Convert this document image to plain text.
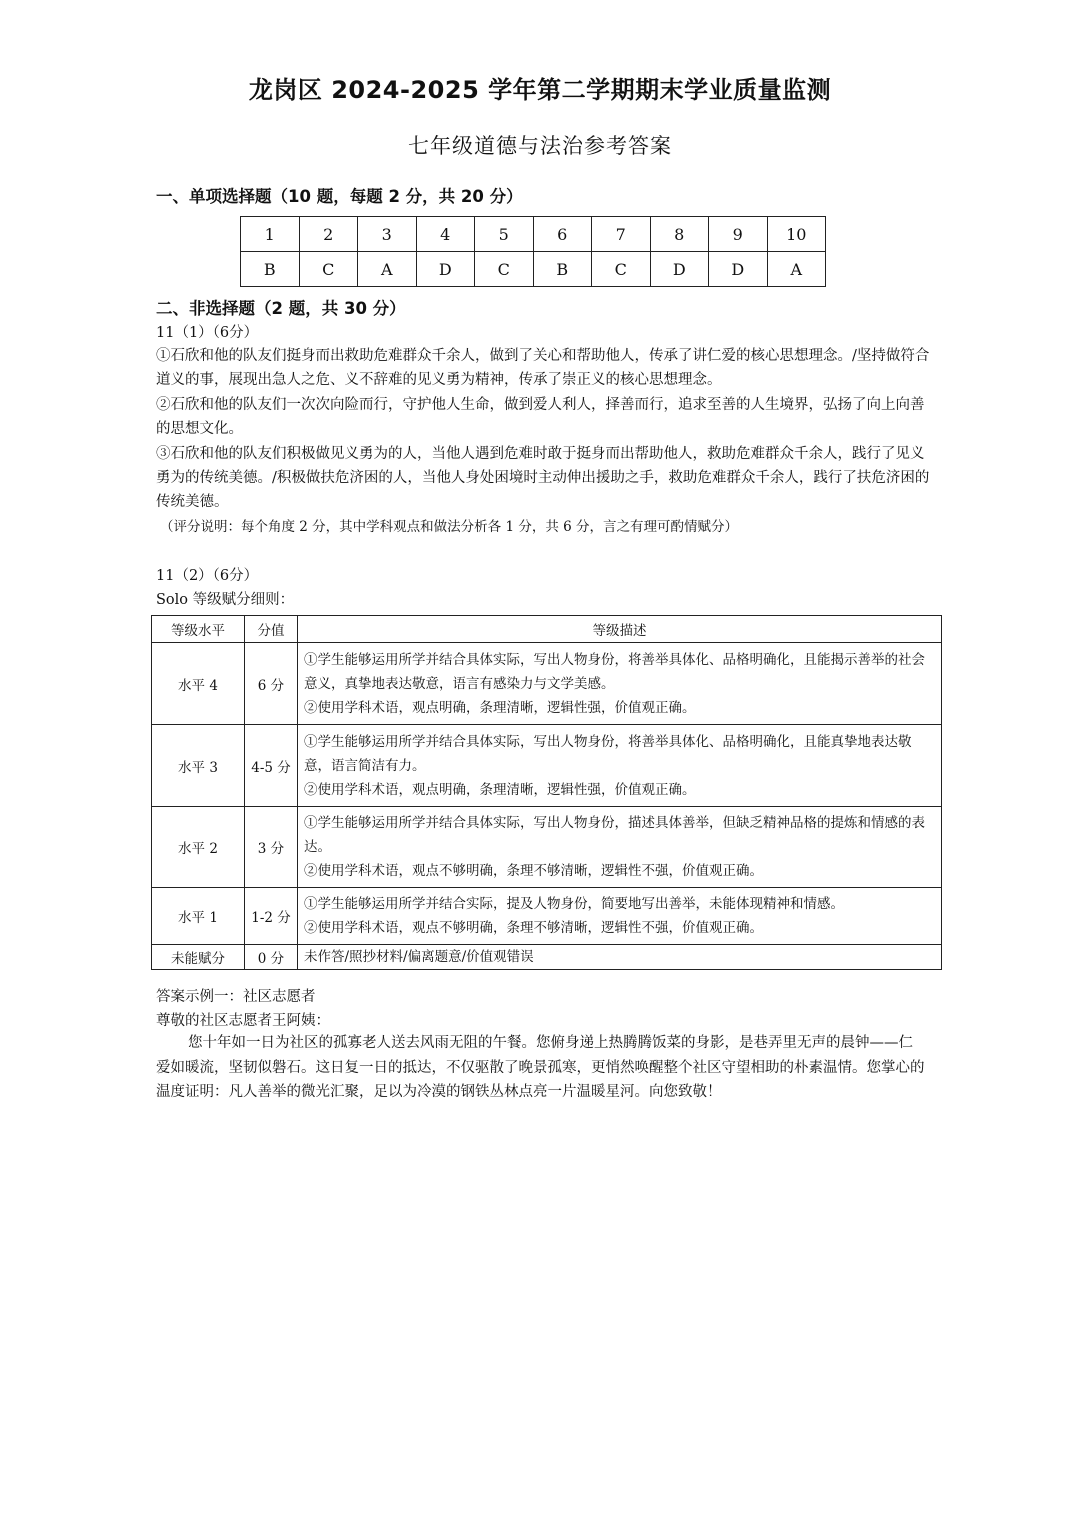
龙岗区 2024-2025 学年第二学期期末学业质量监测
七年级道德与法治参考答案
一、单项选择题（10 题，每题 2 分，共 20 分）
1	2	3	4	5	6	7	8	9	10
B	C	A	D	C	B	C	D	D	A
二、非选择题（2 题，共 30 分）
11（1）（6分）
①石欣和他的队友们挺身而出救助危难群众千余人，做到了关心和帮助他人，传承了讲仁爱的核心思想理念。/坚持做符合道义的事，展现出急人之危、义不辞难的见义勇为精神，传承了崇正义的核心思想理念。
②石欣和他的队友们一次次向险而行，守护他人生命，做到爱人利人，择善而行，追求至善的人生境界，弘扬了向上向善的思想文化。
③石欣和他的队友们积极做见义勇为的人，当他人遇到危难时敢于挺身而出帮助他人，救助危难群众千余人，践行了见义勇为的传统美德。/积极做扶危济困的人，当他人身处困境时主动伸出援助之手，救助危难群众千余人，践行了扶危济困的传统美德。
（评分说明：每个角度 2 分，其中学科观点和做法分析各 1 分，共 6 分，言之有理可酌情赋分）
11（2）（6分）
Solo 等级赋分细则：
等级水平	分值	等级描述
水平 4	6 分	①学生能够运用所学并结合具体实际，写出人物身份，将善举具体化、品格明确化，且能揭示善举的社会意义，真挚地表达敬意，语言有感染力与文学美感。
②使用学科术语，观点明确，条理清晰，逻辑性强，价值观正确。

水平 3	4-5 分	①学生能够运用所学并结合具体实际，写出人物身份，将善举具体化、品格明确化，且能真挚地表达敬意，语言简洁有力。
②使用学科术语，观点明确，条理清晰，逻辑性强，价值观正确。

水平 2	3 分	①学生能够运用所学并结合具体实际，写出人物身份，描述具体善举，但缺乏精神品格的提炼和情感的表达。
②使用学科术语，观点不够明确，条理不够清晰，逻辑性不强，价值观正确。

水平 1	1-2 分	①学生能够运用所学并结合实际，提及人物身份，简要地写出善举，未能体现精神和情感。
②使用学科术语，观点不够明确，条理不够清晰，逻辑性不强，价值观正确。

未能赋分	0 分	未作答/照抄材料/偏离题意/价值观错误
答案示例一：社区志愿者
尊敬的社区志愿者王阿姨：
您十年如一日为社区的孤寡老人送去风雨无阻的午餐。您俯身递上热腾腾饭菜的身影，是巷弄里无声的晨钟——仁爱如暖流，坚韧似磐石。这日复一日的抵达，不仅驱散了晚景孤寒，更悄然唤醒整个社区守望相助的朴素温情。您掌心的温度证明：凡人善举的微光汇聚，足以为冷漠的钢铁丛林点亮一片温暖星河。向您致敬！
